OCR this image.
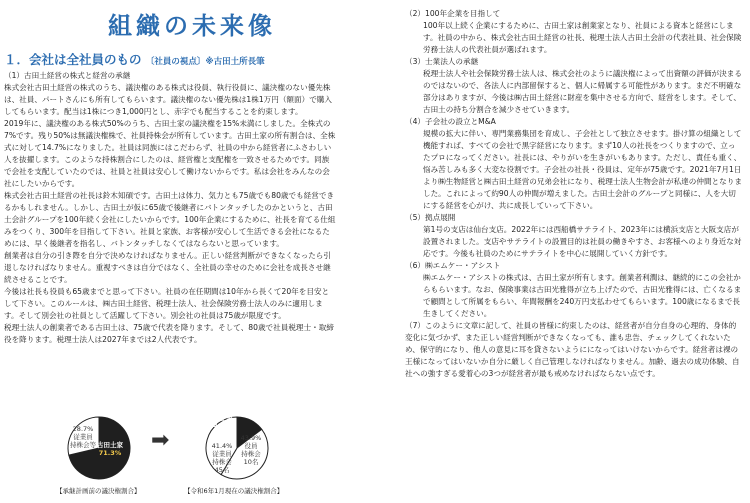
組織の未来像
１．会社は全社員のもの 〔社員の視点〕※古田土所長筆

（1）古田土経営の株式と経営の承継

株式会社古田土経営の株式のうち、議決権のある株式は役員、執行役員に、議決権のない優先株は、社員、パートさんにも所有してもらいます。議決権のない優先株は1株1万円（額面）で購入してもらいます。配当は1株につき1,000円とし、赤字でも配当することを約束します。

2019年に、議決権のある株式50%のうち、古田土家の議決権を15%未満にしました。全株式の7%です。残り50%は無議決権株で、社員持株会が所有しています。古田土家の所有割合は、全株式に対して14.7%になりました。社員は同族にはこだわらず、社員の中から経営者にふさわしい人を抜擢します。このような持株割合にしたのは、経営権と支配権を一致させるためです。同族で会社を支配していたのでは、社員と社員は安心して働けないからです。私は会社をみんなの会社にしたいからです。

株式会社古田土経営の社長は鈴木知碩です。古田土は体力、気力とも75歳でも80歳でも経営できるかもしれません。しかし、古田土が仮に65歳で後継者にバトンタッチしたのかというと、古田土会計グループを100年続く会社にしたいからです。100年企業にするために、社長を育てる仕組みをつくり、300年を目指して下さい。社員と家族、お客様が安心して生活できる会社になるためには、早く後継者を指名し、バトンタッチしなくてはならないと思っています。

創業者は自分の引き際を自分で決めなければなりません。正しい経営判断ができなくなったら引退しなければなりません。重視すべきは自分ではなく、全社員の幸せのために会社を成長させ継続させることです。

今後は社長も役員も65歳までと思って下さい。社員の在任期間は10年から長くて20年を目安として下さい。このルールは、㈱古田土経営、税理士法人、社会保険労務士法人のみに適用します。そして別会社の社員として活躍して下さい。別会社の社員は75歳が限度です。

税理士法人の創業者である古田土は、75歳で代表を降ります。そして、80歳で社員税理士・取締役を降ります。税理士法人は2027年までは2人代表です。

（2）100年企業を目指して

100年以上続く企業にするために、古田土家は創業家となり、社員による資本と経営にします。社員の中から、株式会社古田土経営の社長、税理士法人古田土会計の代表社員、社会保険労務士法人の代表社員が選ばれます。

（3）士業法人の承継

税理士法人や社会保険労務士法人は、株式会社のように議決権によって出資額の評価が決まるのではないので、各法人に内部留保すると、個人に帰属する可能性があります。まだ不明確な部分はありますが、今後は㈱古田土経営に財産を集中させる方向で、経営をします。そして、古田土の持ち分割合を減少させていきます。

（4）子会社の設立とM&A

規模の拡大に伴い、専門業務集団を育成し、子会社として独立させます。掛け算の組織として機能すれば、すべての会社で黒字経営になります。まず10人の社長をつくりますので、立ったプロになってください。社長には、やりがいを生きがいもあります。ただし、責任も重く、悩み苦しみも多く大変な役割です。子会社の社長・役員は、定年が75歳です。2021年7月1日より㈱生物経営と㈱古田土経営の兄弟会社になり、税理士法人生物会計が私達の仲間となりました。これによって約90人の仲間が増えました。古田土会計のグループと同様に、人を大切にする経営を心がけ、共に成長していって下さい。

（5）拠点展開

第1号の支店は仙台支店。2022年には西船橋サテライト、2023年には横浜支店と大阪支店が設置されました。支店やサテライトの設置目的は社員の働きやすさ、お客様へのより身近な対応です。今後も社員のためにサテライトを中心に展開していく方針です。

（6）㈱エムケー・アシスト

㈱エムケー・アシストの株式は、古田土家が所有します。創業者利潤は、継続的にこの会社からもらいます。なお、保険事業は古田光雅得が立ち上げたので、古田光雅得には、亡くなるまで顧問として所属をもらい、年間報酬を240万円支払わせてもらいます。100歳になるまで長生きしてください。

（7）このように文章に記して、社員の皆様に約束したのは、経営者が自分自身の心理的、身体的変化に気づかず、また正しい経営判断ができなくなっても、誰も忠告、チェックしてくれないため、保守的になり、他人の意見に耳を貸さないようにになってはいけないからです。経営者は裸の王様になってはいないか自分に厳しく自己管理しなければなりません。加齢、過去の成功体験、自社への強すぎる愛着心の3つが経営者が最も戒めなければならない点です。

28.7%
従業員
持株会等 古田土家
71.3%
【承継計画前の議決権割合】
➡
古田土家
14.7%
43.9%
役員
持株会
10名
41.4%
従業員
持株会
45名
【令和6年1月現在の議決権割合】
